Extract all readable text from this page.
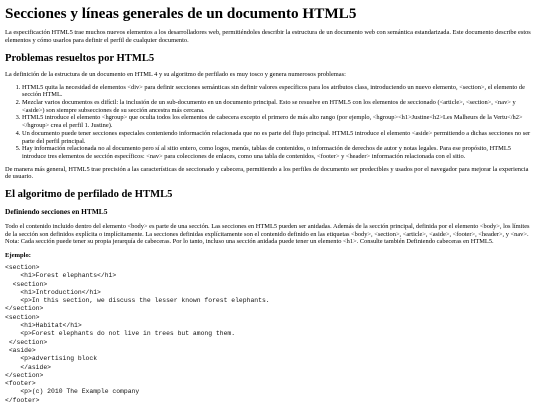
Secciones y líneas generales de un documento HTML5

La especificación HTML5 trae muchos nuevos elementos a los desarrolladores web, permitiéndoles describir la estructura de un documento web con semántica estandarizada. Este documento describe estos elementos y cómo usarlos para definir el perfil de cualquier documento.

Problemas resueltos por HTML5

La definición de la estructura de un documento en HTML 4 y su algoritmo de perfilado es muy tosco y genera numerosos problemas:

1. HTML5 quita la necesidad de elementos <div> para definir secciones semánticas sin definir valores específicos para los atributos class, introduciendo un nuevo elemento, <section>, el elemento de sección HTML.
2. Mezclar varios documentos es difícil: la inclusión de un sub-documento en un documento principal. Esto se resuelve en HTML5 con los elementos de seccionado (<article>, <section>, <nav> y <aside>) son siempre subsecciones de su sección ancestra más cercana.
3. HTML5 introduce el elemento <hgroup> que oculta todos los elementos de cabecera excepto el primero de más alto rango (por ejemplo, <hgroup><h1>Justine<h2>Les Malheurs de la Vertu</h2></hgroup> crea el perfil 1. Justine).
4. Un documento puede tener secciones especiales conteniendo información relacionada que no es parte del flujo principal. HTML5 introduce el elemento <aside> permitiendo a dichas secciones no ser parte del perfil principal.
5. Hay información relacionada no al documento pero sí al sitio entero, como logos, menús, tablas de contenidos, o información de derechos de autor y notas legales. Para ese propósito, HTML5 introduce tres elementos de sección específicos: <nav> para colecciones de enlaces, como una tabla de contenidos, <footer> y <header> información relacionada con el sitio.

De manera más general, HTML5 trae precisión a las características de seccionado y cabecera, permitiendo a los perfiles de documento ser predecibles y usados por el navegador para mejorar la experiencia de usuario.

El algoritmo de perfilado de HTML5
Definiendo secciones en HTML5

Todo el contenido incluido dentro del elemento <body> es parte de una sección. Las secciones en HTML5 pueden ser anidadas. Además de la sección principal, definida por el elemento <body>, los límites de la sección son definidos explícita o implícitamente. La secciones definidas explícitamente son el contenido definido en las etiquetas <body>, <section>, <article>, <aside>, <footer>, <header>, y <nav>. Nota: Cada sección puede tener su propia jerarquía de cabeceras. Por lo tanto, incluso una sección anidada puede tener un elemento <h1>. Consulte también Definiendo cabeceras en HTML5.

Ejemplo:
<section>
<h1>Forest elephants</h1>
<section>
<h1>Introduction</h1>
<p>In this section, we discuss the lesser known forest elephants.
</section>
<section>
<h1>Habitat</h1>
<p>Forest elephants do not live in trees but among them.
</section>
<aside>
<p>advertising block
</aside>
</section>
<footer>
<p>(c) 2010 The Example company
</footer>
